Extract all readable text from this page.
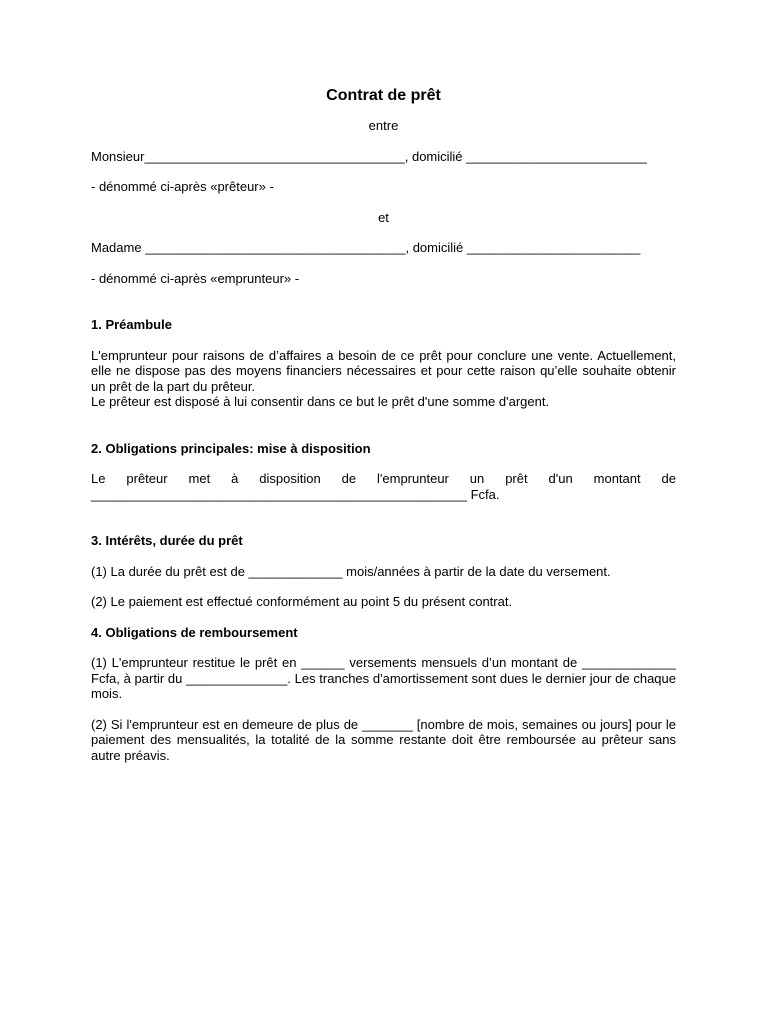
Contrat de prêt

entre

Monsieur____________________________________, domicilié _________________________

- dénommé ci-après «prêteur» -

et

Madame ____________________________________, domicilié ________________________

- dénommé ci-après «emprunteur» -

1. Préambule

L'emprunteur pour raisons de d’affaires a besoin de ce prêt pour conclure une vente. Actuellement, elle ne dispose pas des moyens financiers nécessaires et pour cette raison qu’elle souhaite obtenir un prêt de la part du prêteur.

Le prêteur est disposé à lui consentir dans ce but le prêt d'une somme d'argent.

2. Obligations principales: mise à disposition

Le prêteur met à disposition de l'emprunteur un prêt d'un montant de ____________________________________________________ Fcfa.

3. Intérêts, durée du prêt

(1) La durée du prêt est de _____________ mois/années à partir de la date du versement.

(2) Le paiement est effectué conformément au point 5 du présent contrat.

4. Obligations de remboursement

(1) L'emprunteur restitue le prêt en ______ versements mensuels d’un montant de _____________ Fcfa, à partir du ______________. Les tranches d'amortissement sont dues le dernier jour de chaque mois.

(2) Si l'emprunteur est en demeure de plus de _______ [nombre de mois, semaines ou jours] pour le paiement des mensualités, la totalité de la somme restante doit être remboursée au prêteur sans autre préavis.
